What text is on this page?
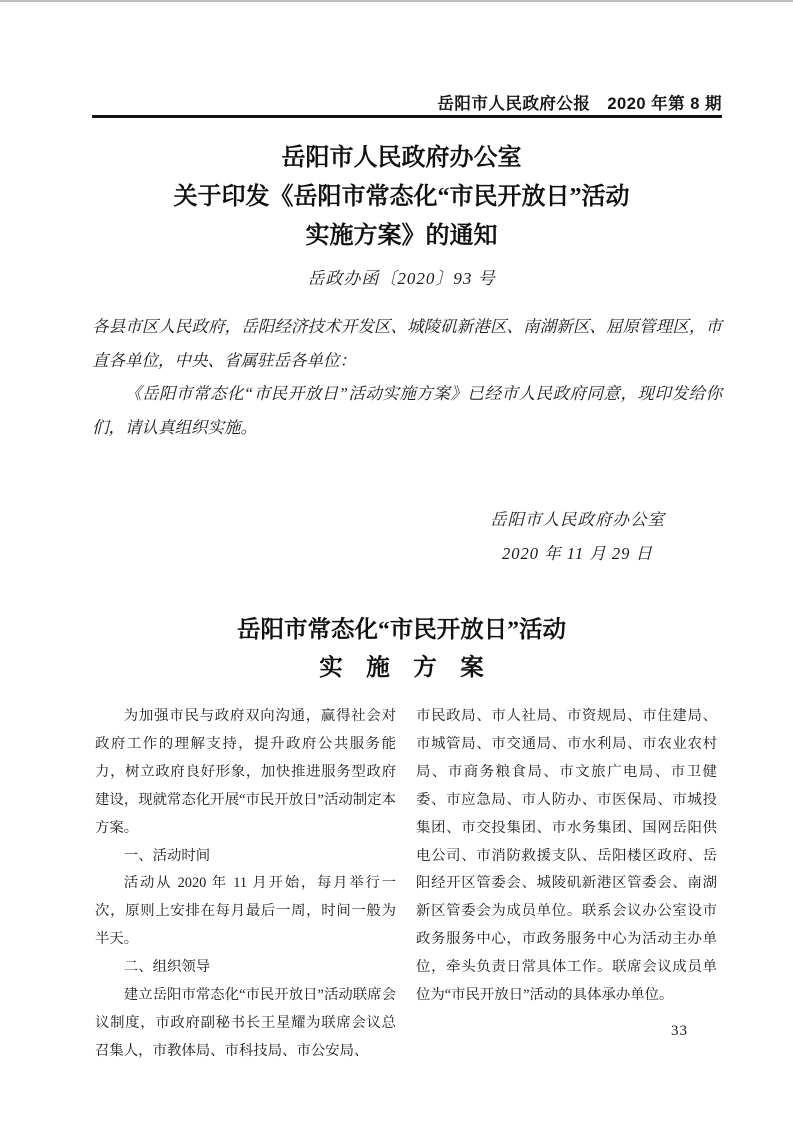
岳阳市人民政府公报　2020 年第 8 期
岳阳市人民政府办公室
关于印发《岳阳市常态化“市民开放日”活动
实施方案》的通知
岳政办函〔2020〕93 号

各县市区人民政府，岳阳经济技术开发区、城陵矶新港区、南湖新区、屈原管理区，市直各单位，中央、省属驻岳各单位：

《岳阳市常态化“市民开放日”活动实施方案》已经市人民政府同意，现印发给你们，请认真组织实施。

岳阳市人民政府办公室
2020 年 11 月 29 日
岳阳市常态化“市民开放日”活动
实　施　方　案

为加强市民与政府双向沟通，赢得社会对政府工作的理解支持，提升政府公共服务能力，树立政府良好形象，加快推进服务型政府建设，现就常态化开展“市民开放日”活动制定本方案。

一、活动时间

活动从 2020 年 11 月开始，每月举行一次，原则上安排在每月最后一周，时间一般为半天。

二、组织领导

建立岳阳市常态化“市民开放日”活动联席会议制度，市政府副秘书长王星耀为联席会议总召集人，市教体局、市科技局、市公安局、

市民政局、市人社局、市资规局、市住建局、市城管局、市交通局、市水利局、市农业农村局、市商务粮食局、市文旅广电局、市卫健委、市应急局、市人防办、市医保局、市城投集团、市交投集团、市水务集团、国网岳阳供电公司、市消防救援支队、岳阳楼区政府、岳阳经开区管委会、城陵矶新港区管委会、南湖新区管委会为成员单位。联系会议办公室设市政务服务中心，市政务服务中心为活动主办单位，牵头负责日常具体工作。联席会议成员单位为“市民开放日”活动的具体承办单位。

33
